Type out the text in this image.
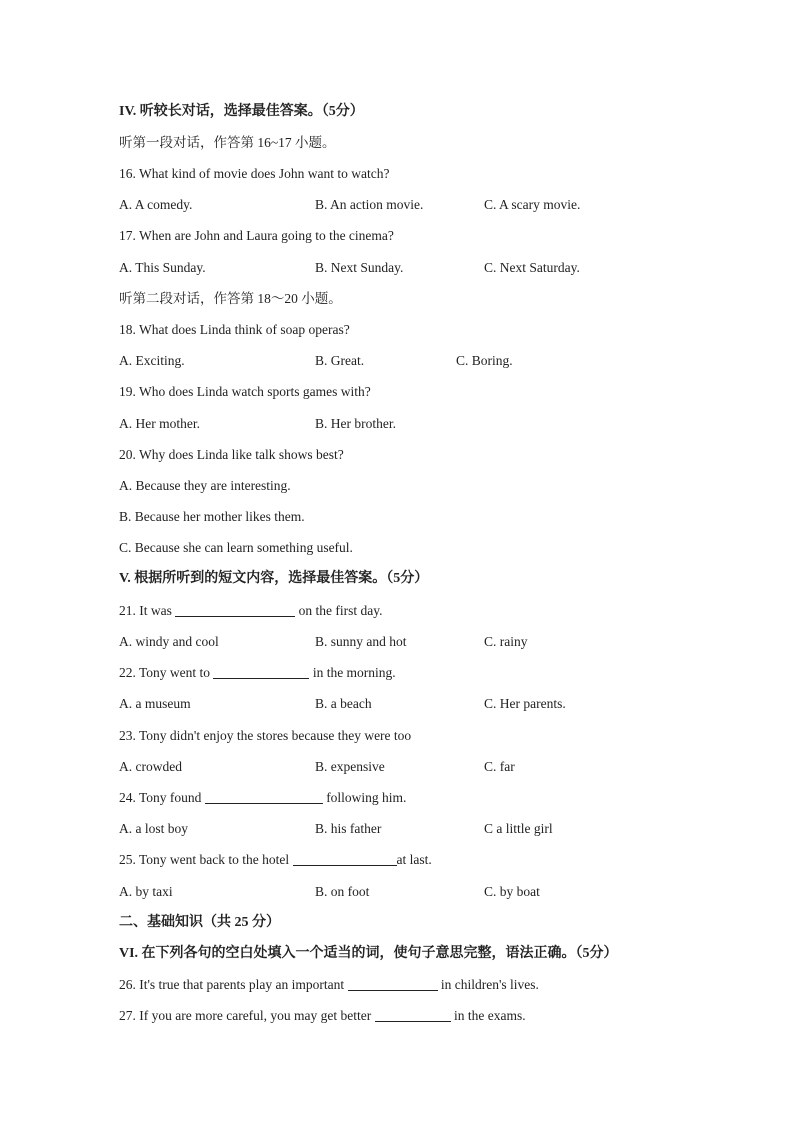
IV. 听较长对话，选择最佳答案。（5分）
听第一段对话，作答第 16~17 小题。
16. What kind of movie does John want to watch?
A. A comedy.	B. An action movie.	C. A scary movie.
17. When are John and Laura going to the cinema?
A. This Sunday.	B. Next Sunday.	C. Next Saturday.
听第二段对话，作答第 18～20 小题。
18. What does Linda think of soap operas?
A. Exciting.	B. Great.	C. Boring.
19. Who does Linda watch sports games with?
A. Her mother.	B. Her brother.
20. Why does Linda like talk shows best?
A. Because they are interesting.
B. Because her mother likes them.
C. Because she can learn something useful.
V. 根据所听到的短文内容，选择最佳答案。（5分）
21. It was	on the first day.
A. windy and cool	B. sunny and hot	C. rainy
22. Tony went to	in the morning.
A. a museum	B. a beach	C. Her parents.
23. Tony didn't enjoy the stores because they were too
A. crowded	B. expensive	C. far
24. Tony found	following him.
A. a lost boy	B. his father	C a little girl
25. Tony went back to the hotel	at last.
A. by taxi	B. on foot	C. by boat
二、基础知识（共 25 分）
VI. 在下列各句的空白处填入一个适当的词，使句子意思完整，语法正确。（5分）
26. It's true that parents play an important	in children's lives.
27. If you are more careful, you may get better	in the exams.
